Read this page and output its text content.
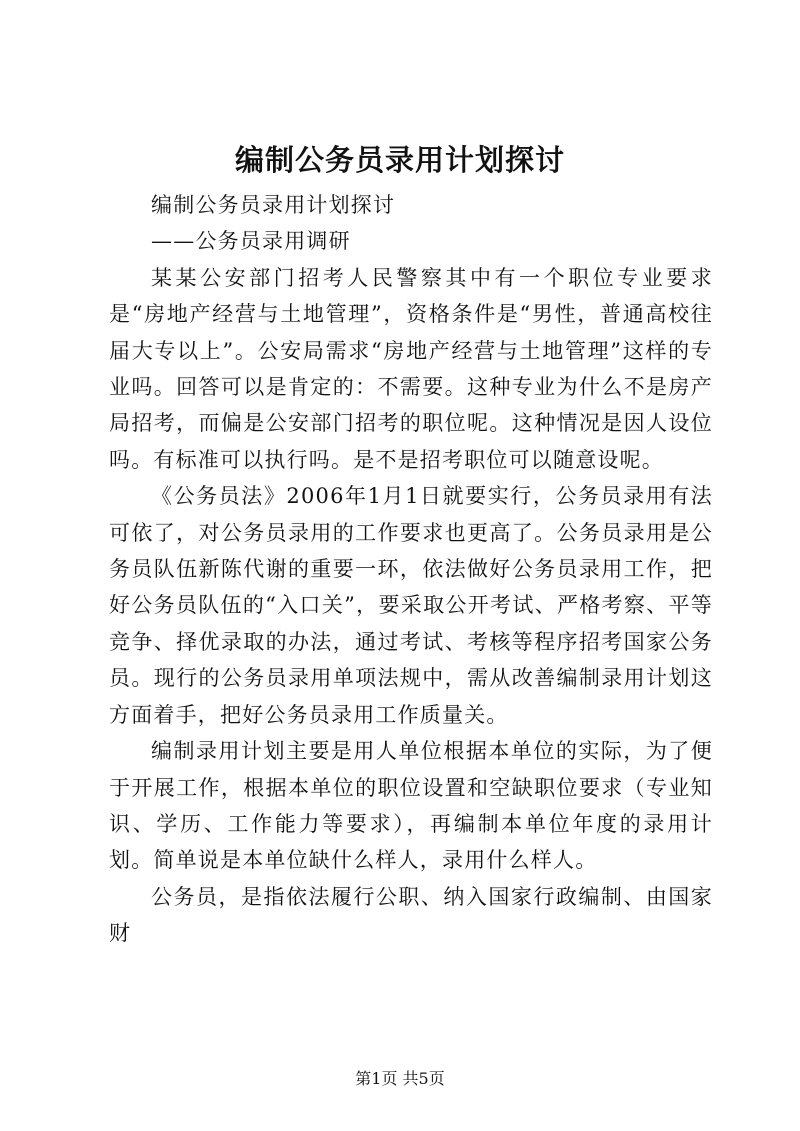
编制公务员录用计划探讨

编制公务员录用计划探讨

——公务员录用调研

某某公安部门招考人民警察其中有一个职位专业要求是“房地产经营与土地管理”，资格条件是“男性，普通高校往届大专以上”。公安局需求“房地产经营与土地管理”这样的专业吗。回答可以是肯定的：不需要。这种专业为什么不是房产局招考，而偏是公安部门招考的职位呢。这种情况是因人设位吗。有标准可以执行吗。是不是招考职位可以随意设呢。

《公务员法》2006年1月1日就要实行，公务员录用有法可依了，对公务员录用的工作要求也更高了。公务员录用是公务员队伍新陈代谢的重要一环，依法做好公务员录用工作，把好公务员队伍的“入口关”，要采取公开考试、严格考察、平等竞争、择优录取的办法，通过考试、考核等程序招考国家公务员。现行的公务员录用单项法规中，需从改善编制录用计划这方面着手，把好公务员录用工作质量关。

编制录用计划主要是用人单位根据本单位的实际，为了便于开展工作，根据本单位的职位设置和空缺职位要求（专业知识、学历、工作能力等要求），再编制本单位年度的录用计划。简单说是本单位缺什么样人，录用什么样人。

公务员，是指依法履行公职、纳入国家行政编制、由国家财

第1页 共5页
